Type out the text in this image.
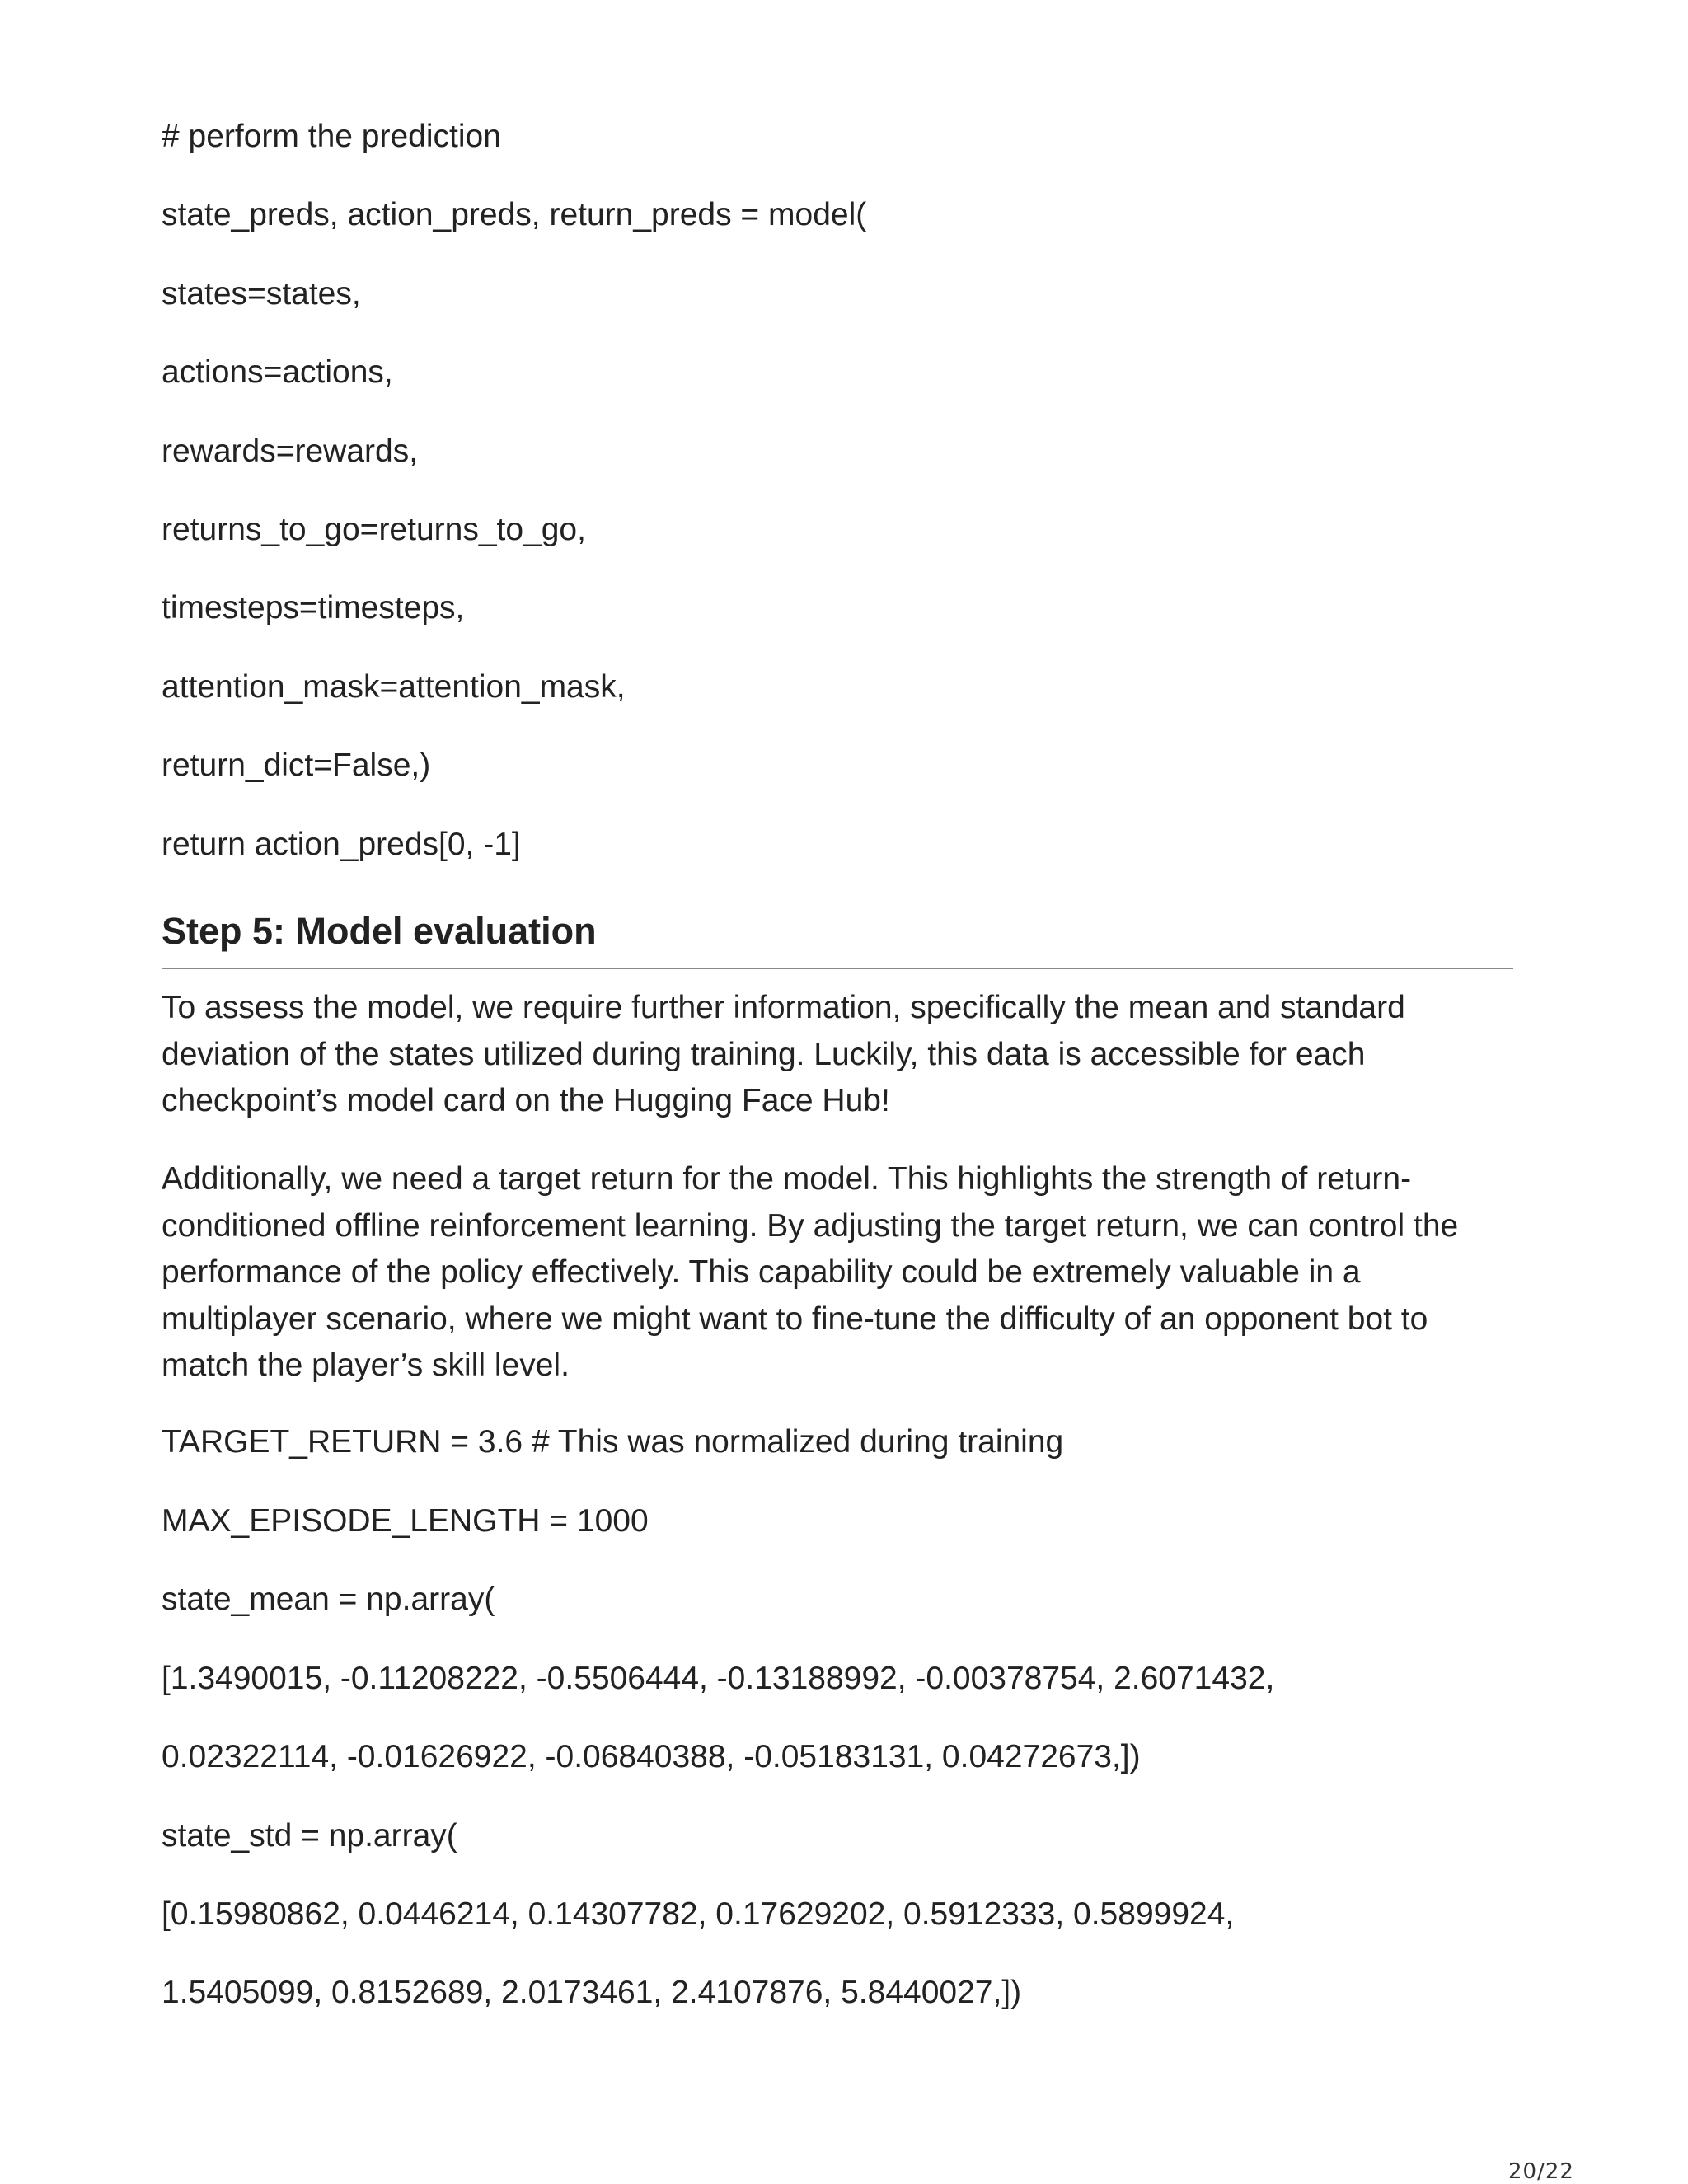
# perform the prediction

state_preds, action_preds, return_preds = model(

states=states,

actions=actions,

rewards=rewards,

returns_to_go=returns_to_go,

timesteps=timesteps,

attention_mask=attention_mask,

return_dict=False,)

return action_preds[0, -1]

Step 5: Model evaluation

To assess the model, we require further information, specifically the mean and standard deviation of the states utilized during training. Luckily, this data is accessible for each checkpoint’s model card on the Hugging Face Hub!

Additionally, we need a target return for the model. This highlights the strength of return-conditioned offline reinforcement learning. By adjusting the target return, we can control the performance of the policy effectively. This capability could be extremely valuable in a multiplayer scenario, where we might want to fine-tune the difficulty of an opponent bot to match the player’s skill level.

TARGET_RETURN = 3.6 # This was normalized during training

MAX_EPISODE_LENGTH = 1000

state_mean = np.array(

[1.3490015, -0.11208222, -0.5506444, -0.13188992, -0.00378754, 2.6071432,

0.02322114, -0.01626922, -0.06840388, -0.05183131, 0.04272673,])

state_std = np.array(

[0.15980862, 0.0446214, 0.14307782, 0.17629202, 0.5912333, 0.5899924,

1.5405099, 0.8152689, 2.0173461, 2.4107876, 5.8440027,])

20/22
